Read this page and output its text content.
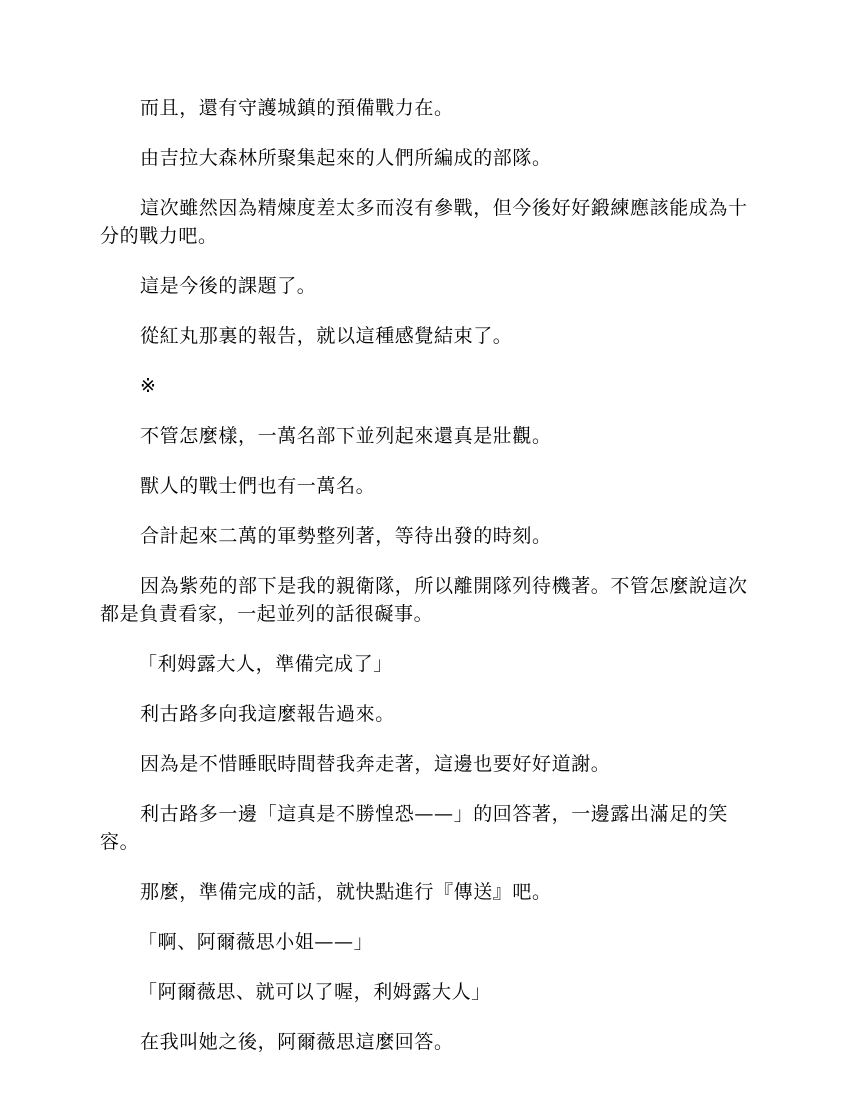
而且，還有守護城鎮的預備戰力在。

由吉拉大森林所聚集起來的人們所編成的部隊。

這次雖然因為精煉度差太多而沒有參戰，但今後好好鍛練應該能成為十分的戰力吧。

這是今後的課題了。

從紅丸那裏的報告，就以這種感覺結束了。

※

不管怎麼樣，一萬名部下並列起來還真是壯觀。

獸人的戰士們也有一萬名。

合計起來二萬的軍勢整列著，等待出發的時刻。

因為紫苑的部下是我的親衛隊，所以離開隊列待機著。不管怎麼說這次都是負責看家，一起並列的話很礙事。

「利姆露大人，準備完成了」

利古路多向我這麼報告過來。

因為是不惜睡眠時間替我奔走著，這邊也要好好道謝。

利古路多一邊「這真是不勝惶恐——」的回答著，一邊露出滿足的笑容。

那麼，準備完成的話，就快點進行『傳送』吧。

「啊、阿爾薇思小姐——」

「阿爾薇思、就可以了喔，利姆露大人」

在我叫她之後，阿爾薇思這麼回答。
